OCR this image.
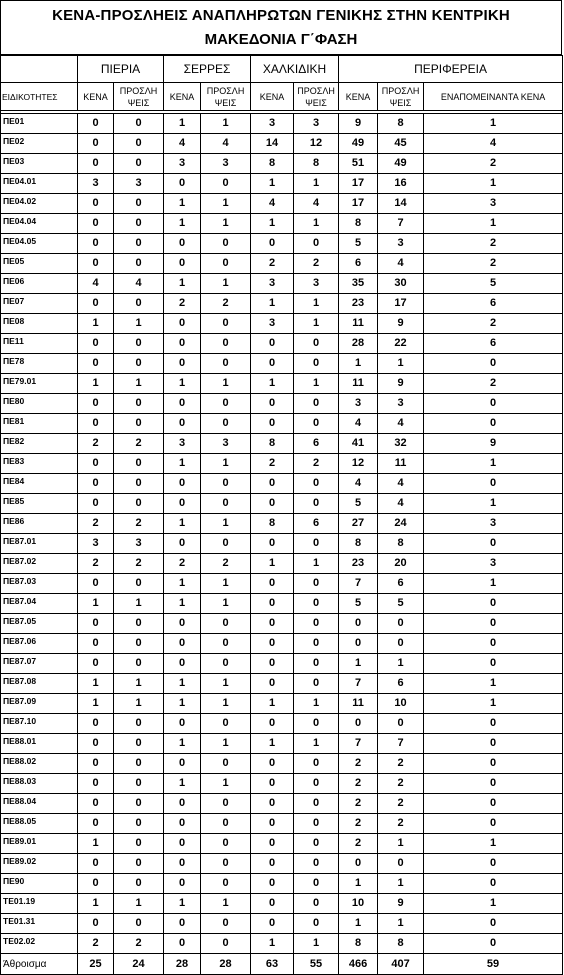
ΚΕΝΑ-ΠΡΟΣΛΗΕΙΣ ΑΝΑΠΛΗΡΩΤΩΝ ΓΕΝΙΚΗΣ ΣΤΗΝ ΚΕΝΤΡΙΚΗ
ΜΑΚΕΔΟΝΙΑ Γ΄ΦΑΣΗ
	ΠΙΕΡΙΑ		ΣΕΡΡΕΣ		ΧΑΛΚΙΔΙΚΗ		ΠΕΡΙΦΕΡΕΙΑ		
ΕΙΔΙΚΟΤΗΤΕΣ	ΚΕΝΑ	ΠΡΟΣΛΗ ΨΕΙΣ	ΚΕΝΑ	ΠΡΟΣΛΗ ΨΕΙΣ	ΚΕΝΑ	ΠΡΟΣΛΗ ΨΕΙΣ	ΚΕΝΑ	ΠΡΟΣΛΗ ΨΕΙΣ	ΕΝΑΠΟΜΕΙΝΑΝΤΑ ΚΕΝΑ

ΠΕ01	0	0	1	1	3	3	9	8	1
ΠΕ02	0	0	4	4	14	12	49	45	4
ΠΕ03	0	0	3	3	8	8	51	49	2
ΠΕ04.01	3	3	0	0	1	1	17	16	1
ΠΕ04.02	0	0	1	1	4	4	17	14	3
ΠΕ04.04	0	0	1	1	1	1	8	7	1
ΠΕ04.05	0	0	0	0	0	0	5	3	2
ΠΕ05	0	0	0	0	2	2	6	4	2
ΠΕ06	4	4	1	1	3	3	35	30	5
ΠΕ07	0	0	2	2	1	1	23	17	6
ΠΕ08	1	1	0	0	3	1	11	9	2
ΠΕ11	0	0	0	0	0	0	28	22	6
ΠΕ78	0	0	0	0	0	0	1	1	0
ΠΕ79.01	1	1	1	1	1	1	11	9	2
ΠΕ80	0	0	0	0	0	0	3	3	0
ΠΕ81	0	0	0	0	0	0	4	4	0
ΠΕ82	2	2	3	3	8	6	41	32	9
ΠΕ83	0	0	1	1	2	2	12	11	1
ΠΕ84	0	0	0	0	0	0	4	4	0
ΠΕ85	0	0	0	0	0	0	5	4	1
ΠΕ86	2	2	1	1	8	6	27	24	3
ΠΕ87.01	3	3	0	0	0	0	8	8	0
ΠΕ87.02	2	2	2	2	1	1	23	20	3
ΠΕ87.03	0	0	1	1	0	0	7	6	1
ΠΕ87.04	1	1	1	1	0	0	5	5	0
ΠΕ87.05	0	0	0	0	0	0	0	0	0
ΠΕ87.06	0	0	0	0	0	0	0	0	0
ΠΕ87.07	0	0	0	0	0	0	1	1	0
ΠΕ87.08	1	1	1	1	0	0	7	6	1
ΠΕ87.09	1	1	1	1	1	1	11	10	1
ΠΕ87.10	0	0	0	0	0	0	0	0	0
ΠΕ88.01	0	0	1	1	1	1	7	7	0
ΠΕ88.02	0	0	0	0	0	0	2	2	0
ΠΕ88.03	0	0	1	1	0	0	2	2	0
ΠΕ88.04	0	0	0	0	0	0	2	2	0
ΠΕ88.05	0	0	0	0	0	0	2	2	0
ΠΕ89.01	1	0	0	0	0	0	2	1	1
ΠΕ89.02	0	0	0	0	0	0	0	0	0
ΠΕ90	0	0	0	0	0	0	1	1	0
ΤΕ01.19	1	1	1	1	0	0	10	9	1
ΤΕ01.31	0	0	0	0	0	0	1	1	0
ΤΕ02.02	2	2	0	0	1	1	8	8	0
Άθροισμα	25	24	28	28	63	55	466	407	59
